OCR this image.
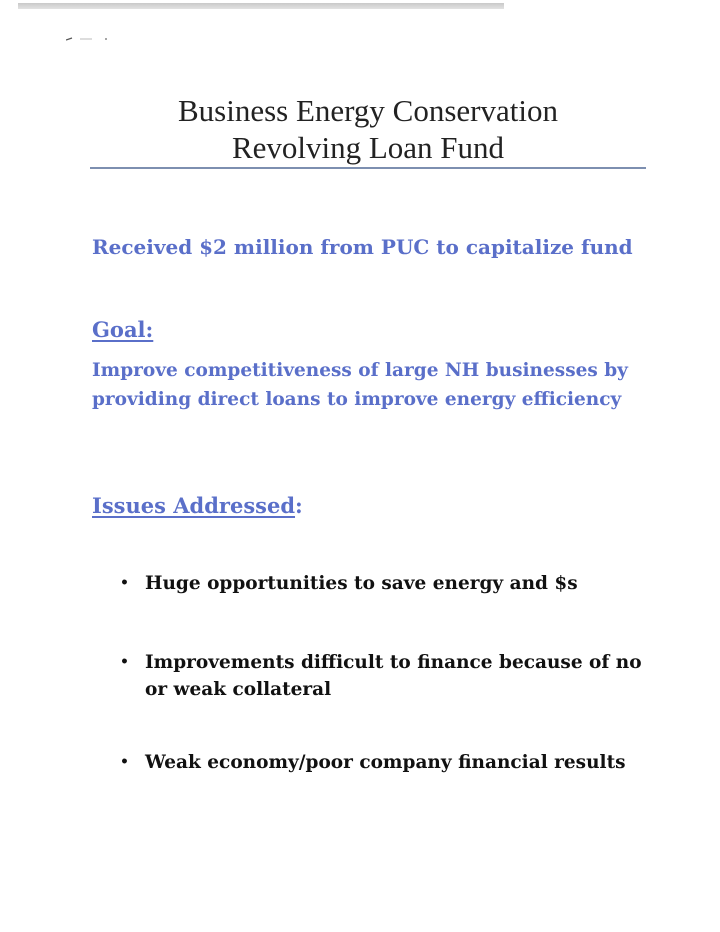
Business Energy Conservation
Revolving Loan Fund
Received $2 million from PUC to capitalize fund
Goal:
Improve competitiveness of large NH businesses by providing direct loans to improve energy efficiency
Issues Addressed:
• Huge opportunities to save energy and $s
• Improvements difficult to finance because of no or weak collateral
• Weak economy/poor company financial results
